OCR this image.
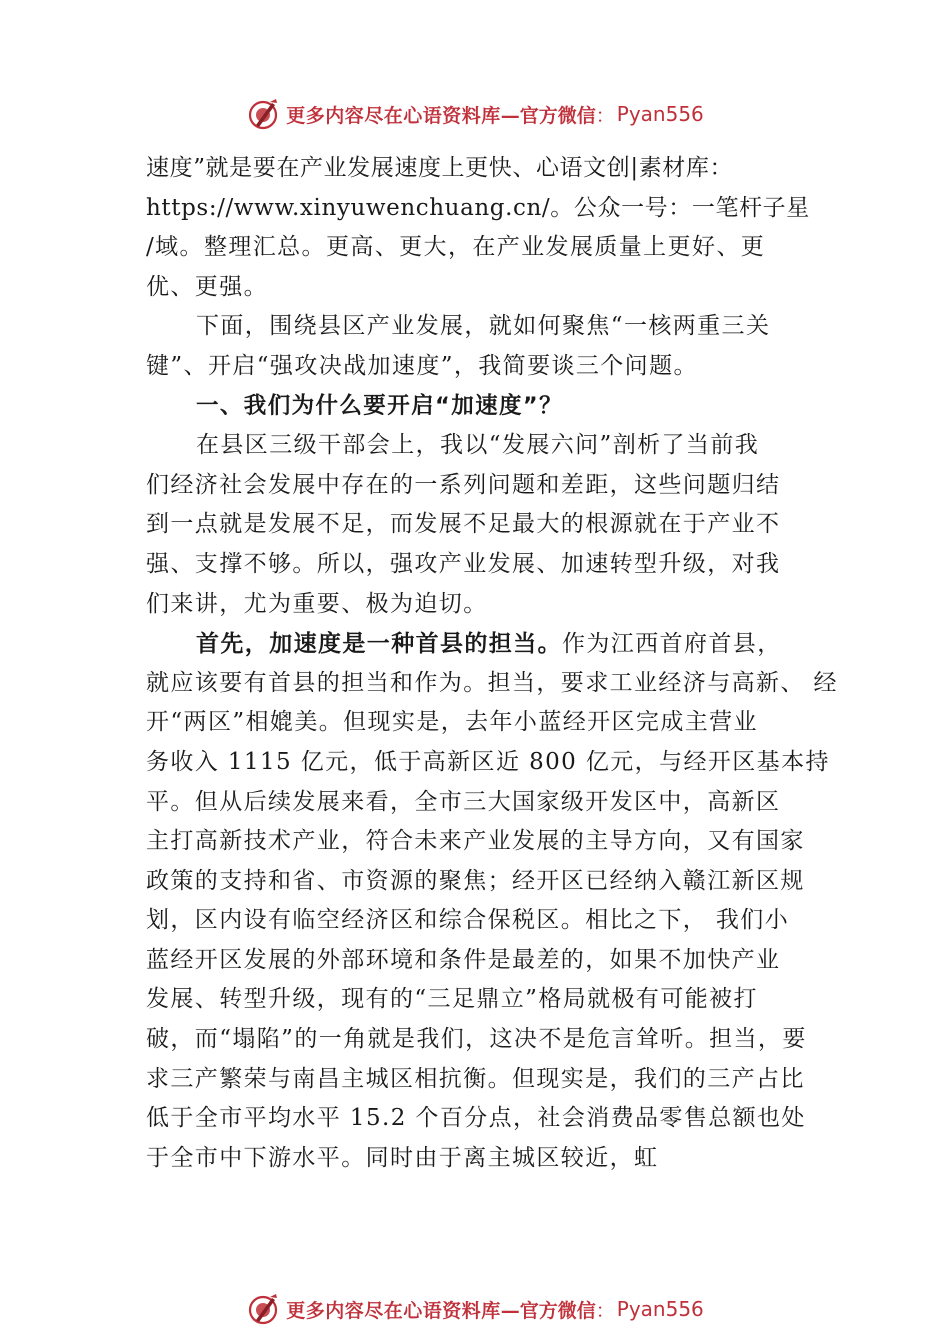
更多内容尽在心语资料库 —官方微信 ： Pyan556
速度”就是要在产业发展速度上更快、心语文创|素材库：
https://www.xinyuwenchuang.cn/。公众一号：一笔杆子星
/域。整理汇总。更高、更大，在产业发展质量上更好、更
优、更强。
下面，围绕县区产业发展，就如何聚焦“一核两重三关
键”、开启“强攻决战加速度”，我简要谈三个问题。
一、我们为什么要开启“加速度”？
在县区三级干部会上，我以“发展六问”剖析了当前我
们经济社会发展中存在的一系列问题和差距，这些问题归结
到一点就是发展不足，而发展不足最大的根源就在于产业不
强、支撑不够。所以，强攻产业发展、加速转型升级，对我
们来讲，尤为重要、极为迫切。
首先，加速度是一种首县的担当。作为江西首府首县，
就应该要有首县的担当和作为。担当，要求工业经济与高新、 经
开“两区”相媲美。但现实是，去年小蓝经开区完成主营业
务收入 1115 亿元，低于高新区近 800 亿元，与经开区基本持
平。但从后续发展来看，全市三大国家级开发区中，高新区
主打高新技术产业，符合未来产业发展的主导方向，又有国家
政策的支持和省、市资源的聚焦；经开区已经纳入赣江新区规
划，区内设有临空经济区和综合保税区。相比之下， 我们小
蓝经开区发展的外部环境和条件是最差的，如果不加快产业
发展、转型升级，现有的“三足鼎立”格局就极有可能被打
破，而“塌陷”的一角就是我们，这决不是危言耸听。担当，要
求三产繁荣与南昌主城区相抗衡。但现实是，我们的三产占比
低于全市平均水平 15.2 个百分点，社会消费品零售总额也处
于全市中下游水平。同时由于离主城区较近，虹
更多内容尽在心语资料库 —官方微信 ： Pyan556
